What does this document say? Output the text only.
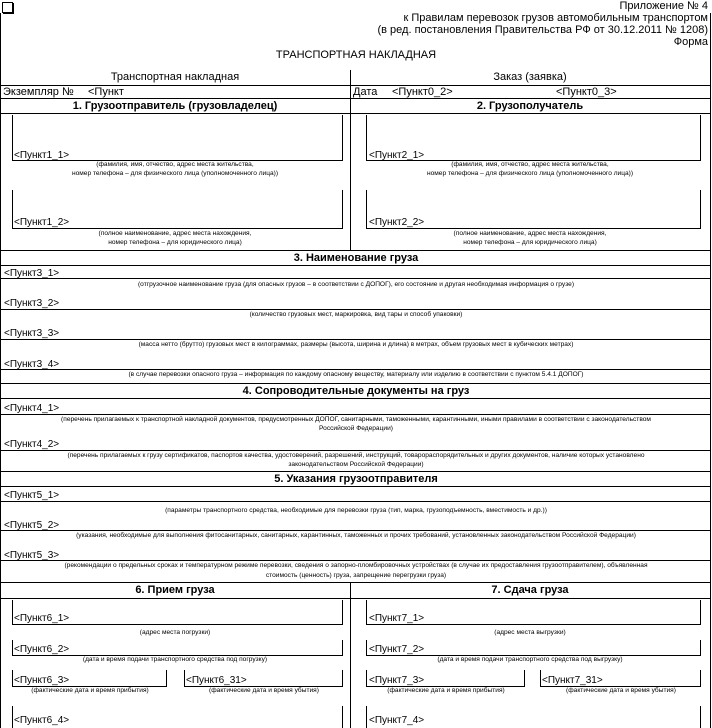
Приложение № 4
к Правилам перевозок грузов автомобильным транспортом
(в ред. постановления Правительства РФ от 30.12.2011 № 1208)
Форма
ТРАНСПОРТНАЯ НАКЛАДНАЯ
Транспортная накладная	Заказ (заявка)
Экземпляр № <Пункт	Дата <Пункт0_2>	<Пункт0_3>
1. Грузоотправитель (грузовладелец)	2. Грузополучатель
<Пункт1_1>
(фамилия, имя, отчество, адрес места жительства,
номер телефона – для физического лица (уполномоченного лица))
<Пункт1_2>
(полное наименование, адрес места нахождения,
номер телефона – для юридического лица)
<Пункт2_1>
(фамилия, имя, отчество, адрес места жительства,
номер телефона – для физического лица (уполномоченного лица))
<Пункт2_2>
(полное наименование, адрес места нахождения,
номер телефона – для юридического лица)
3. Наименование груза
<Пункт3_1>
(отгрузочное наименование груза (для опасных грузов – в соответствии с ДОПОГ), его состояние и другая необходимая информация о грузе)
<Пункт3_2>
(количество грузовых мест, маркировка, вид тары и способ упаковки)
<Пункт3_3>
(масса нетто (брутто) грузовых мест в килограммах, размеры (высота, ширина и длина) в метрах, объем грузовых мест в кубических метрах)
<Пункт3_4>
(в случае перевозки опасного груза – информация по каждому опасному веществу, материалу или изделию в соответствии с пунктом 5.4.1 ДОПОГ)
4. Сопроводительные документы на груз
<Пункт4_1>
(перечень прилагаемых к транспортной накладной документов, предусмотренных ДОПОГ, санитарными, таможенными, карантинными, иными правилами в соответствии с законодательством
Российской Федерации)
<Пункт4_2>
(перечень прилагаемых к грузу сертификатов, паспортов качества, удостоверений, разрешений, инструкций, товарораспорядительных и других документов, наличие которых установлено
законодательством Российской Федерации)
5. Указания грузоотправителя
<Пункт5_1>
(параметры транспортного средства, необходимые для перевозки груза (тип, марка, грузоподъемность, вместимость и др.))
<Пункт5_2>
(указания, необходимые для выполнения фитосанитарных, санитарных, карантинных, таможенных и прочих требований, установленных законодательством Российской Федерации)
<Пункт5_3>
(рекомендации о предельных сроках и температурном режиме перевозки, сведения о запорно-пломбировочных устройствах (в случае их предоставления грузоотправителем), объявленная
стоимость (ценность) груза, запрещение перегрузки груза)
6. Прием груза	7. Сдача груза
<Пункт6_1>
(адрес места погрузки)
<Пункт6_2>
(дата и время подачи транспортного средства под погрузку)
<Пункт6_3>	<Пункт6_31>
(фактические дата и время прибытия)	(фактические дата и время убытия)
<Пункт6_4>
<Пункт7_1>
(адрес места выгрузки)
<Пункт7_2>
(дата и время подачи транспортного средства под выгрузку)
<Пункт7_3>	<Пункт7_31>
(фактические дата и время прибытия)	(фактические дата и время убытия)
<Пункт7_4>
